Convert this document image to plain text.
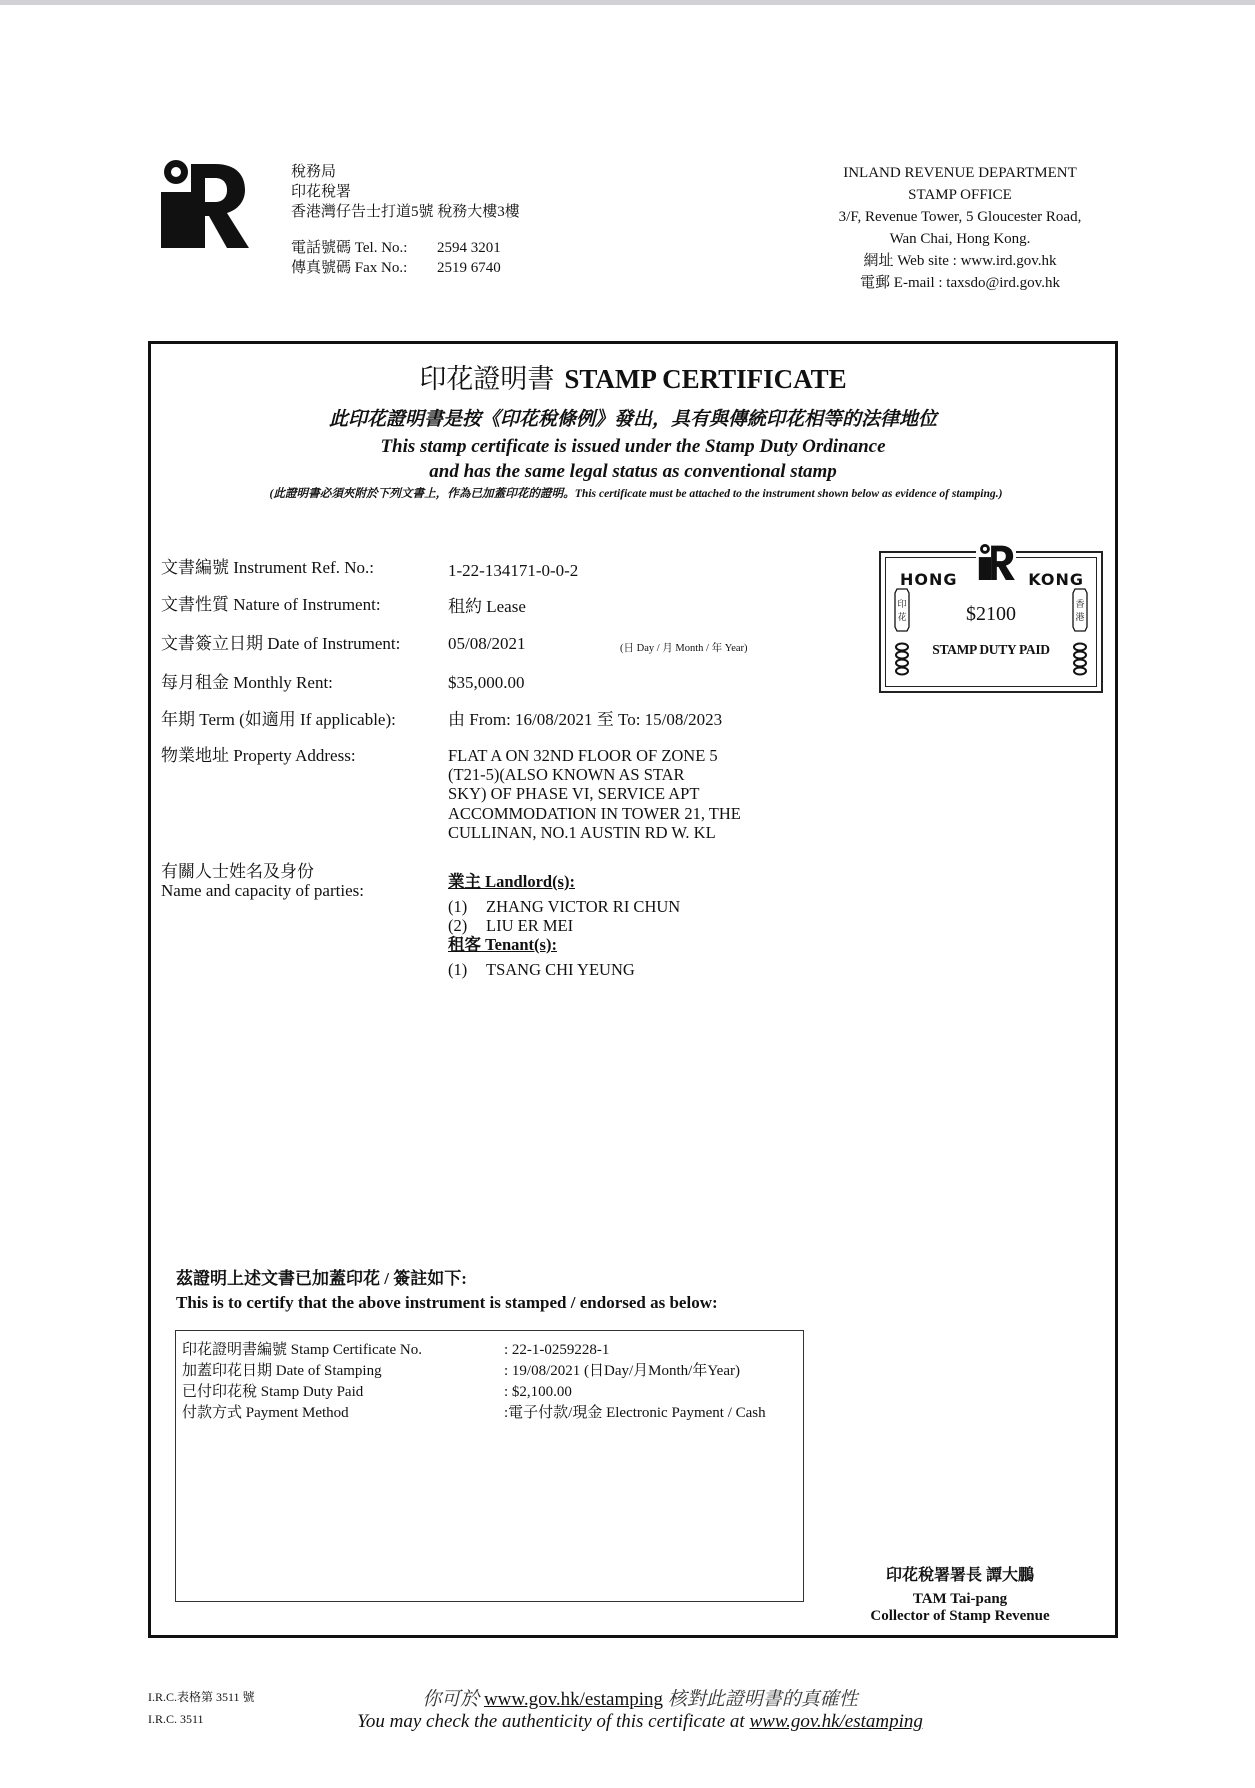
稅務局
印花稅署
香港灣仔告士打道5號 稅務大樓3樓
電話號碼 Tel. No.:	2594 3201
傳真號碼 Fax No.:	2519 6740
INLAND REVENUE DEPARTMENT
STAMP OFFICE
3/F, Revenue Tower, 5 Gloucester Road,
Wan Chai, Hong Kong.
網址 Web site : www.ird.gov.hk
電郵 E-mail : taxsdo@ird.gov.hk
印花證明書 STAMP CERTIFICATE
此印花證明書是按《印花稅條例》發出，具有與傳統印花相等的法律地位
This stamp certificate is issued under the Stamp Duty Ordinance
and has the same legal status as conventional stamp
(此證明書必須夾附於下列文書上，作為已加蓋印花的證明。This certificate must be attached to the instrument shown below as evidence of stamping.)
文書編號 Instrument Ref. No.:	1-22-134171-0-0-2
文書性質 Nature of Instrument:	租約 Lease
文書簽立日期 Date of Instrument:	05/08/2021	(日 Day / 月 Month / 年 Year)
每月租金 Monthly Rent:	$35,000.00
年期 Term (如適用 If applicable):	由 From: 16/08/2021 至 To: 15/08/2023
物業地址 Property Address:	FLAT A ON 32ND FLOOR OF ZONE 5
(T21-5)(ALSO KNOWN AS STAR
SKY) OF PHASE VI, SERVICE APT
ACCOMMODATION IN TOWER 21, THE
CULLINAN, NO.1 AUSTIN RD W. KL
有關人士姓名及身份
Name and capacity of parties:	業主 Landlord(s):
(1) ZHANG VICTOR RI CHUN
(2) LIU ER MEI
租客 Tenant(s):
(1) TSANG CHI YEUNG
HONG	KONG
$2100
STAMP DUTY PAID
印
花
香
港
茲證明上述文書已加蓋印花 / 簽註如下:
This is to certify that the above instrument is stamped / endorsed as below:
印花證明書編號 Stamp Certificate No.	: 22-1-0259228-1
加蓋印花日期 Date of Stamping	: 19/08/2021 (日Day/月Month/年Year)
已付印花稅 Stamp Duty Paid	: $2,100.00
付款方式 Payment Method	:電子付款/現金 Electronic Payment / Cash
印花稅署署長 譚大鵬
TAM Tai-pang
Collector of Stamp Revenue
I.R.C.表格第 3511 號
I.R.C. 3511
你可於 www.gov.hk/estamping 核對此證明書的真確性
You may check the authenticity of this certificate at www.gov.hk/estamping
